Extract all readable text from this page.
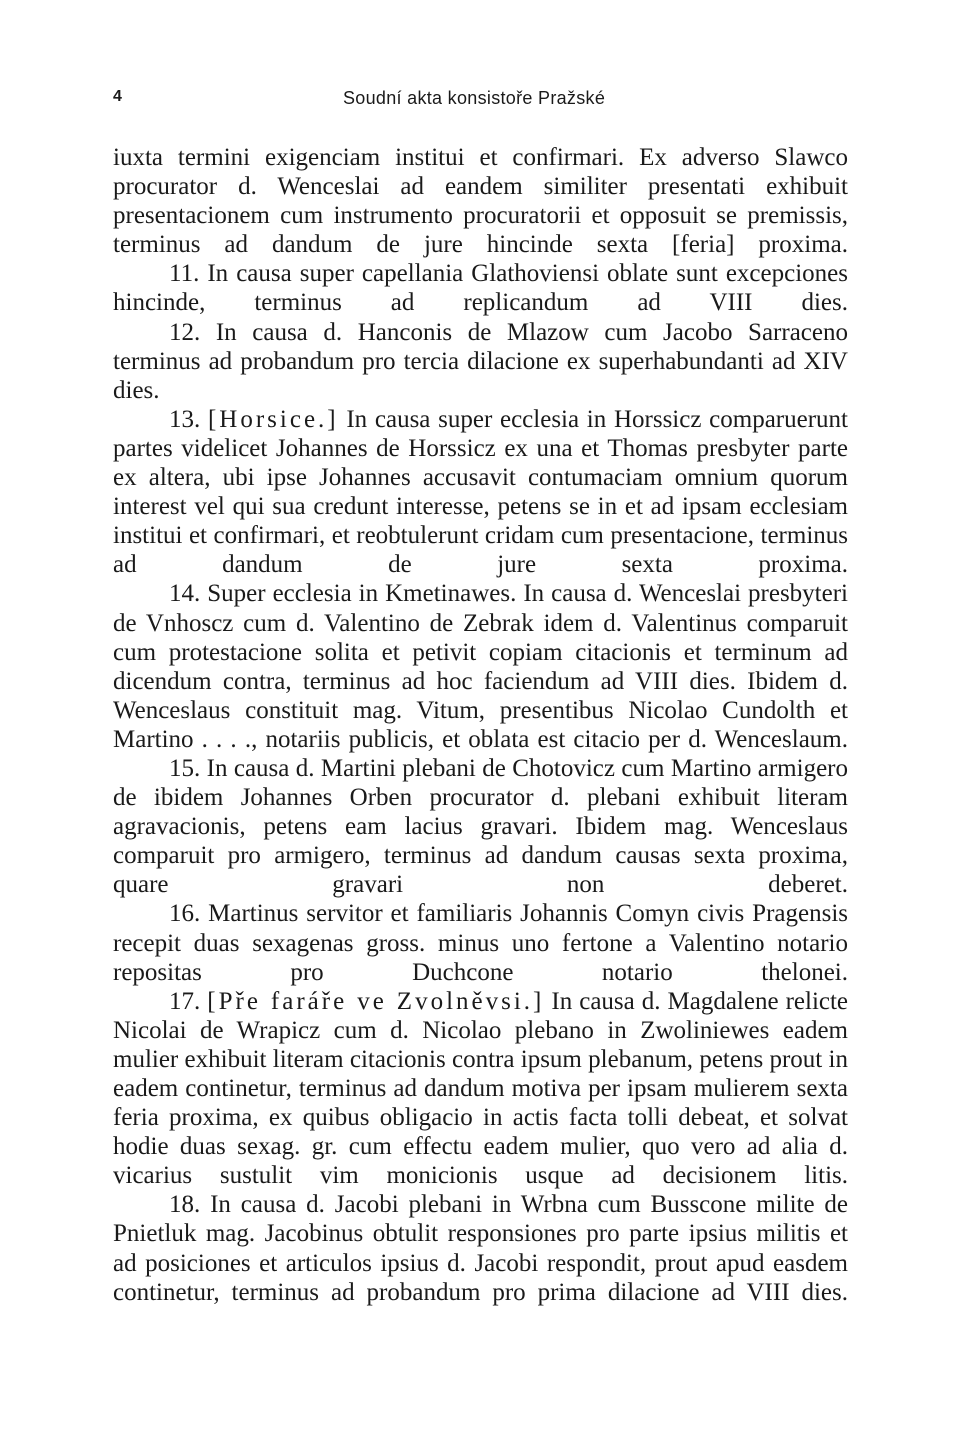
4	Soudní akta konsistoře Pražské

iuxta termini exigenciam institui et confirmari. Ex adverso Slawco procurator d. Wenceslai ad eandem similiter presentati exhibuit presentacionem cum instrumento procuratorii et opposuit se premissis, terminus ad dandum de jure hincinde sexta [feria] proxima.

11. In causa super capellania Glathoviensi oblate sunt excepciones hincinde, terminus ad replicandum ad VIII dies.

12. In causa d. Hanconis de Mlazow cum Jacobo Sarraceno terminus ad probandum pro tercia dilacione ex superhabundanti ad XIV dies.

13. [Horsice.] In causa super ecclesia in Horssicz comparuerunt partes videlicet Johannes de Horssicz ex una et Thomas presbyter parte ex altera, ubi ipse Johannes accusavit contumaciam omnium quorum interest vel qui sua credunt interesse, petens se in et ad ipsam ecclesiam institui et confirmari, et reobtulerunt cridam cum presentacione, terminus ad dandum de jure sexta proxima.

14. Super ecclesia in Kmetinawes. In causa d. Wenceslai presbyteri de Vnhoscz cum d. Valentino de Zebrak idem d. Valentinus comparuit cum protestacione solita et petivit copiam citacionis et terminum ad dicendum contra, terminus ad hoc faciendum ad VIII dies. Ibidem d. Wenceslaus constituit mag. Vitum, presentibus Nicolao Cundolth et Martino . . . ., notariis publicis, et oblata est citacio per d. Wenceslaum.

15. In causa d. Martini plebani de Chotovicz cum Martino armigero de ibidem Johannes Orben procurator d. plebani exhibuit literam agravacionis, petens eam lacius gravari. Ibidem mag. Wenceslaus comparuit pro armigero, terminus ad dandum causas sexta proxima, quare gravari non deberet.

16. Martinus servitor et familiaris Johannis Comyn civis Pragensis recepit duas sexagenas gross. minus uno fertone a Valentino notario repositas pro Duchcone notario thelonei.

17. [Pře faráře ve Zvolněvsi.] In causa d. Magdalene relicte Nicolai de Wrapicz cum d. Nicolao plebano in Zwoliniewes eadem mulier exhibuit literam citacionis contra ipsum plebanum, petens prout in eadem continetur, terminus ad dandum motiva per ipsam mulierem sexta feria proxima, ex quibus obligacio in actis facta tolli debeat, et solvat hodie duas sexag. gr. cum effectu eadem mulier, quo vero ad alia d. vicarius sustulit vim monicionis usque ad decisionem litis.

18. In causa d. Jacobi plebani in Wrbna cum Busscone milite de Pnietluk mag. Jacobinus obtulit responsiones pro parte ipsius militis et ad posiciones et articulos ipsius d. Jacobi respondit, prout apud easdem continetur, terminus ad probandum pro prima dilacione ad VIII dies.
